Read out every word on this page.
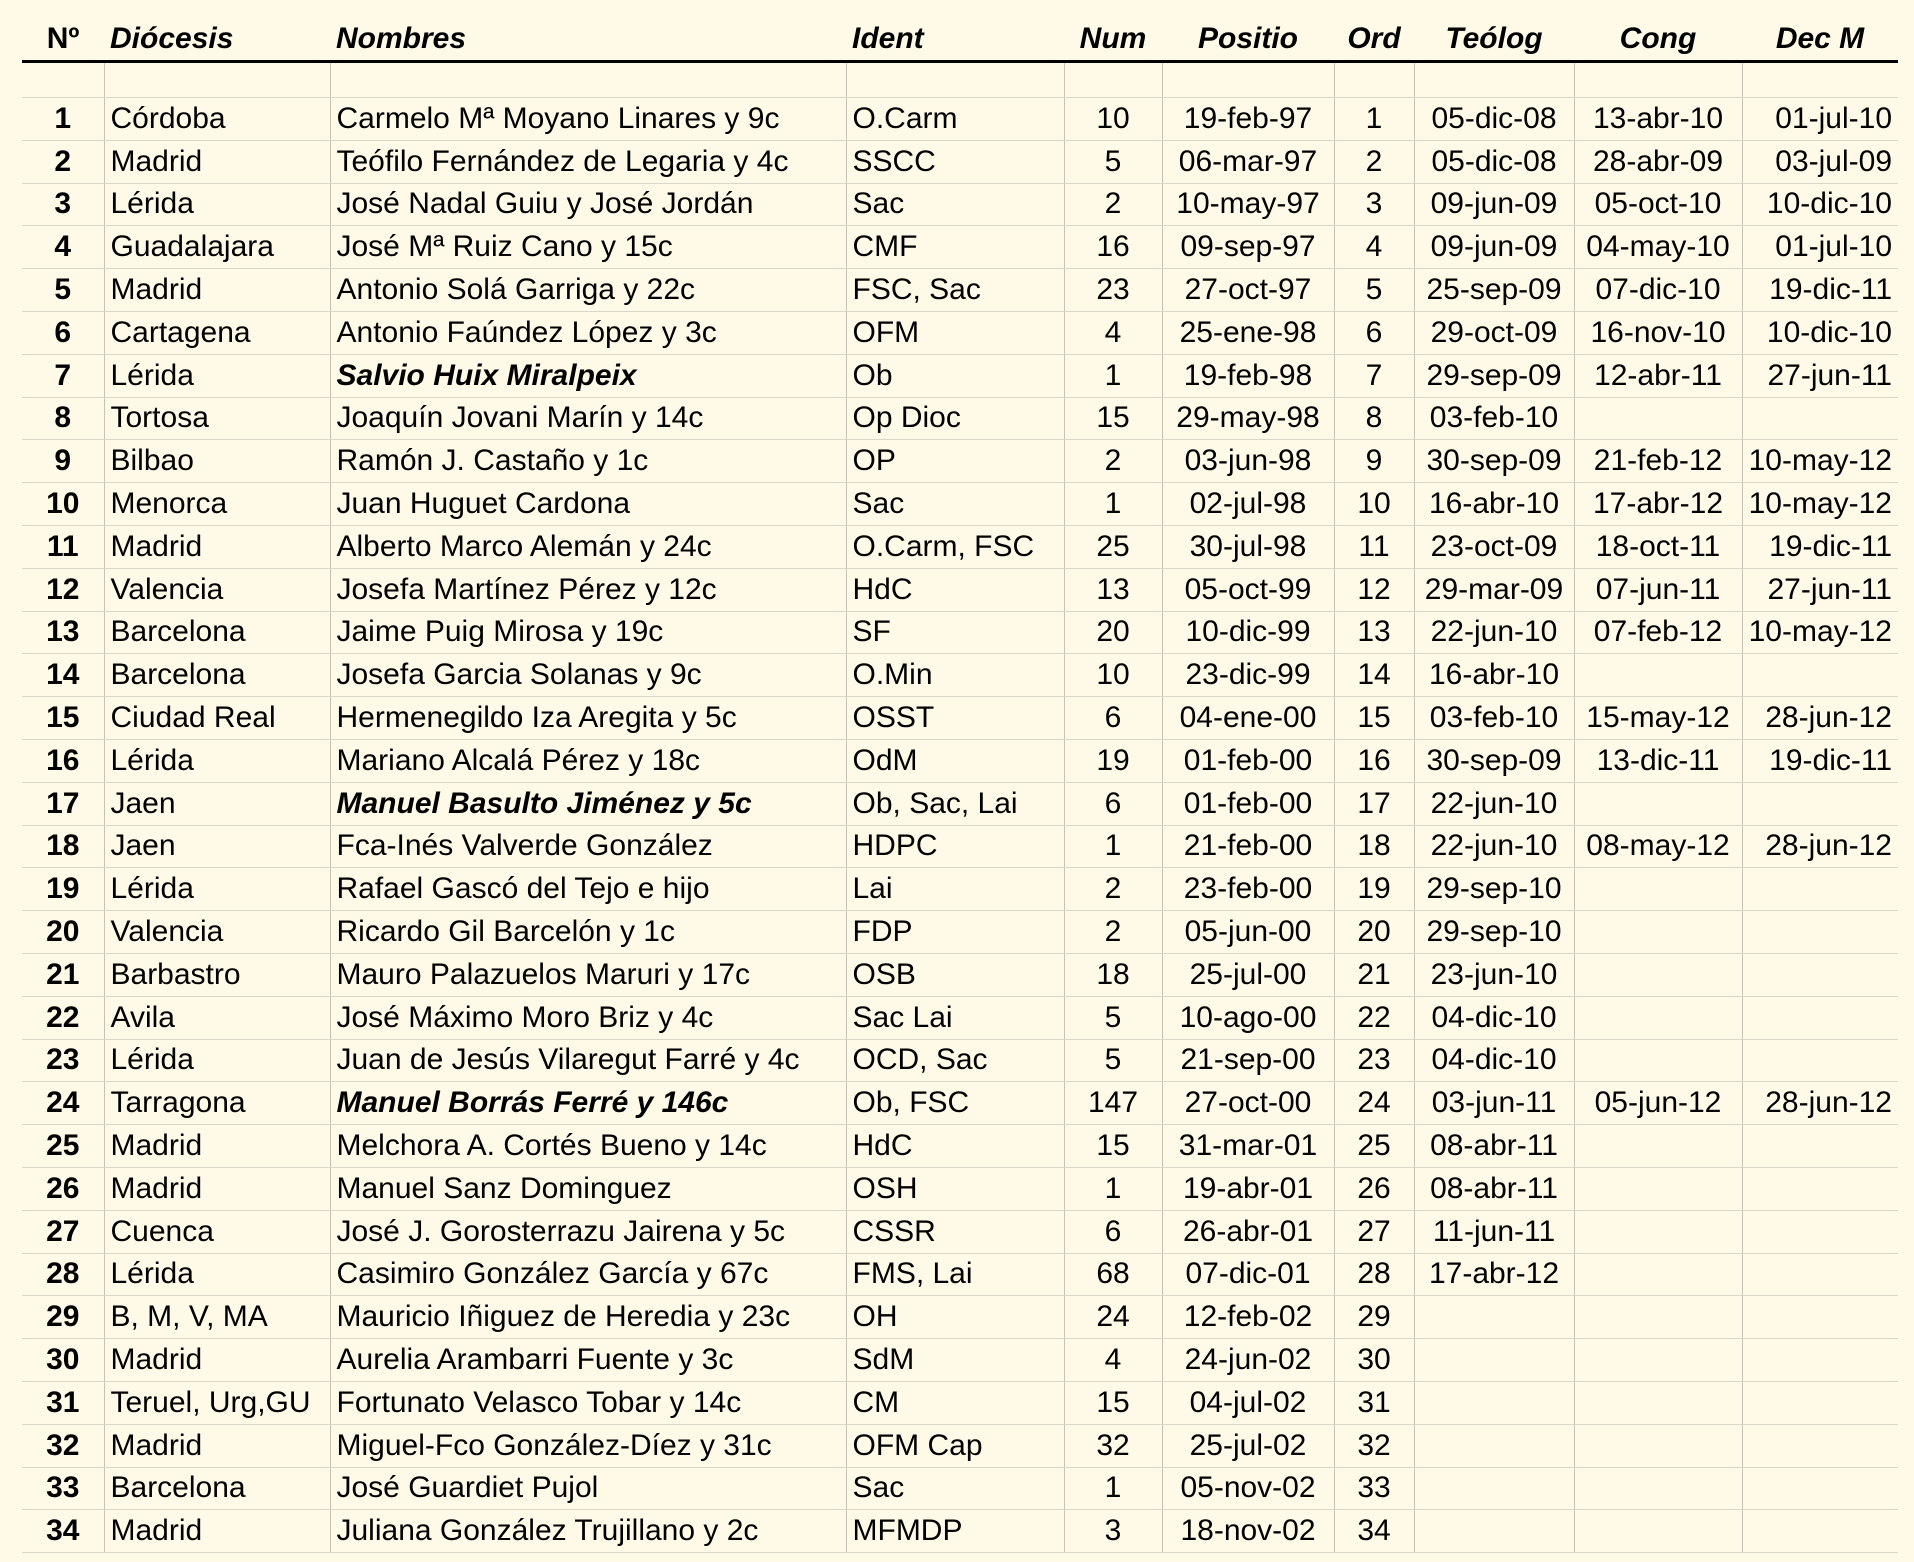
Nº	Diócesis	Nombres	Ident	Num	Positio	Ord	Teólog	Cong	Dec M

1	Córdoba	Carmelo Mª Moyano Linares y 9c	O.Carm	10	19-feb-97	1	05-dic-08	13-abr-10	01-jul-10
2	Madrid	Teófilo Fernández de Legaria y 4c	SSCC	5	06-mar-97	2	05-dic-08	28-abr-09	03-jul-09
3	Lérida	José Nadal Guiu y José Jordán	Sac	2	10-may-97	3	09-jun-09	05-oct-10	10-dic-10
4	Guadalajara	José Mª Ruiz Cano y 15c	CMF	16	09-sep-97	4	09-jun-09	04-may-10	01-jul-10
5	Madrid	Antonio Solá Garriga y 22c	FSC, Sac	23	27-oct-97	5	25-sep-09	07-dic-10	19-dic-11
6	Cartagena	Antonio Faúndez López y 3c	OFM	4	25-ene-98	6	29-oct-09	16-nov-10	10-dic-10
7	Lérida	Salvio Huix Miralpeix	Ob	1	19-feb-98	7	29-sep-09	12-abr-11	27-jun-11
8	Tortosa	Joaquín Jovani Marín y 14c	Op Dioc	15	29-may-98	8	03-feb-10		
9	Bilbao	Ramón J. Castaño y 1c	OP	2	03-jun-98	9	30-sep-09	21-feb-12	10-may-12
10	Menorca	Juan Huguet Cardona	Sac	1	02-jul-98	10	16-abr-10	17-abr-12	10-may-12
11	Madrid	Alberto Marco Alemán y 24c	O.Carm, FSC	25	30-jul-98	11	23-oct-09	18-oct-11	19-dic-11
12	Valencia	Josefa Martínez Pérez y 12c	HdC	13	05-oct-99	12	29-mar-09	07-jun-11	27-jun-11
13	Barcelona	Jaime Puig Mirosa y 19c	SF	20	10-dic-99	13	22-jun-10	07-feb-12	10-may-12
14	Barcelona	Josefa Garcia Solanas y 9c	O.Min	10	23-dic-99	14	16-abr-10		
15	Ciudad Real	Hermenegildo Iza Aregita y 5c	OSST	6	04-ene-00	15	03-feb-10	15-may-12	28-jun-12
16	Lérida	Mariano Alcalá Pérez y 18c	OdM	19	01-feb-00	16	30-sep-09	13-dic-11	19-dic-11
17	Jaen	Manuel Basulto Jiménez y 5c	Ob, Sac, Lai	6	01-feb-00	17	22-jun-10		
18	Jaen	Fca-Inés Valverde González	HDPC	1	21-feb-00	18	22-jun-10	08-may-12	28-jun-12
19	Lérida	Rafael Gascó del Tejo e hijo	Lai	2	23-feb-00	19	29-sep-10		
20	Valencia	Ricardo Gil Barcelón y 1c	FDP	2	05-jun-00	20	29-sep-10		
21	Barbastro	Mauro Palazuelos Maruri y 17c	OSB	18	25-jul-00	21	23-jun-10		
22	Avila	José Máximo Moro Briz y 4c	Sac Lai	5	10-ago-00	22	04-dic-10		
23	Lérida	Juan de Jesús Vilaregut Farré y 4c	OCD, Sac	5	21-sep-00	23	04-dic-10		
24	Tarragona	Manuel Borrás Ferré y 146c	Ob, FSC	147	27-oct-00	24	03-jun-11	05-jun-12	28-jun-12
25	Madrid	Melchora A. Cortés Bueno y 14c	HdC	15	31-mar-01	25	08-abr-11		
26	Madrid	Manuel Sanz Dominguez	OSH	1	19-abr-01	26	08-abr-11		
27	Cuenca	José J. Gorosterrazu Jairena y 5c	CSSR	6	26-abr-01	27	11-jun-11		
28	Lérida	Casimiro González García y 67c	FMS, Lai	68	07-dic-01	28	17-abr-12		
29	B, M, V, MA	Mauricio Iñiguez de Heredia y 23c	OH	24	12-feb-02	29			
30	Madrid	Aurelia Arambarri Fuente y 3c	SdM	4	24-jun-02	30			
31	Teruel, Urg,GU	Fortunato Velasco Tobar y 14c	CM	15	04-jul-02	31			
32	Madrid	Miguel-Fco González-Díez y 31c	OFM Cap	32	25-jul-02	32			
33	Barcelona	José Guardiet Pujol	Sac	1	05-nov-02	33			
34	Madrid	Juliana González Trujillano y 2c	MFMDP	3	18-nov-02	34			
